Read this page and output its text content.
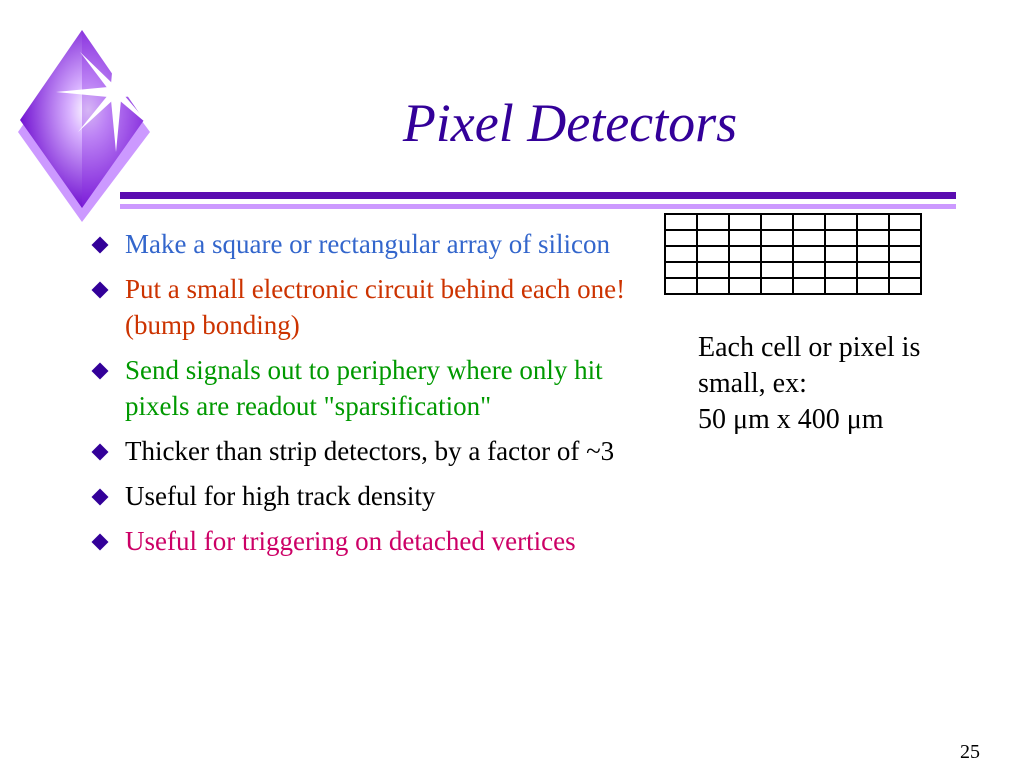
Pixel Detectors
Make a square or rectangular array of silicon
Put a small electronic circuit behind each one! (bump bonding)
Send signals out to periphery where only hit pixels are readout "sparsification"
Thicker than strip detectors, by a factor of ~3
Useful for high track density
Useful for triggering on detached vertices

Each cell or pixel is
small, ex:
50 μm x 400 μm
25
